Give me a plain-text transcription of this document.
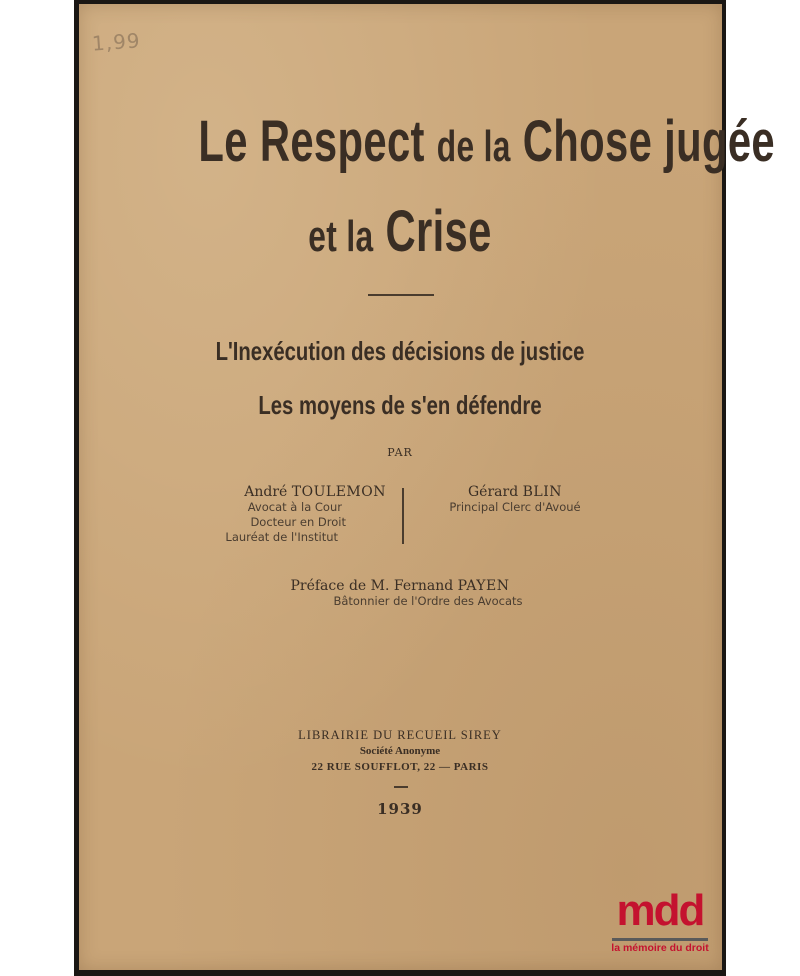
1,99
Le Respect de la Chose jugée
et la Crise
L'Inexécution des décisions de justice
Les moyens de s'en défendre
PAR
André TOULEMON
Avocat à la Cour
Docteur en Droit
Lauréat de l'Institut
Gérard BLIN
Principal Clerc d'Avoué
Préface de M. Fernand PAYEN
Bâtonnier de l'Ordre des Avocats
LIBRAIRIE DU RECUEIL SIREY
Société Anonyme
22 RUE SOUFFLOT, 22 — PARIS
1939
mdd
la mémoire du droit
